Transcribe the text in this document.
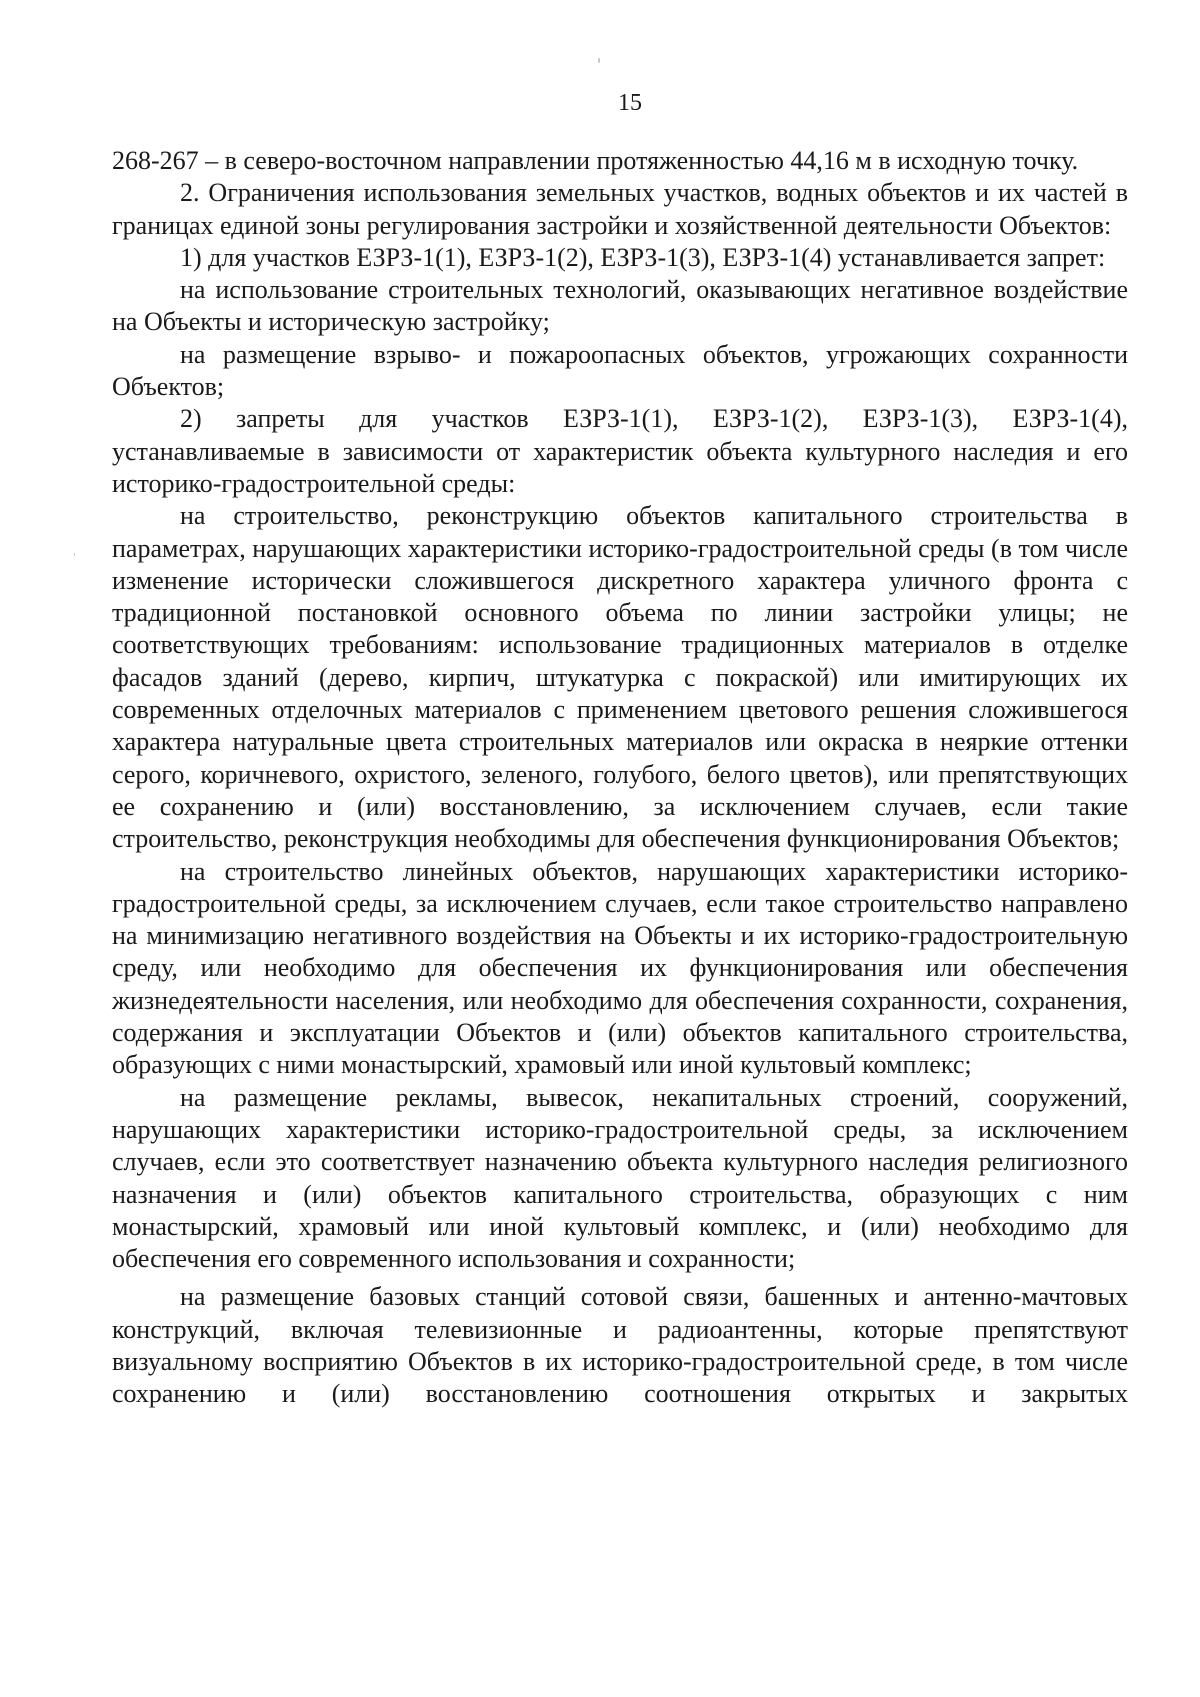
15

268-267 – в северо-восточном направлении протяженностью 44,16 м в исходную точку.

2. Ограничения использования земельных участков, водных объектов и их частей в границах единой зоны регулирования застройки и хозяйственной деятельности Объектов:

1) для участков ЕЗРЗ-1(1), ЕЗРЗ-1(2), ЕЗРЗ-1(3), ЕЗРЗ-1(4) устанавливается запрет:

на использование строительных технологий, оказывающих негативное воздействие на Объекты и историческую застройку;

на размещение взрыво- и пожароопасных объектов, угрожающих сохранности Объектов;

2) запреты для участков ЕЗРЗ-1(1), ЕЗРЗ-1(2), ЕЗРЗ-1(3), ЕЗРЗ-1(4), устанавливаемые в зависимости от характеристик объекта культурного наследия и его историко-градостроительной среды:

на строительство, реконструкцию объектов капитального строительства в параметрах, нарушающих характеристики историко-градостроительной среды (в том числе изменение исторически сложившегося дискретного характера уличного фронта с традиционной постановкой основного объема по линии застройки улицы; не соответствующих требованиям: использование традиционных материалов в отделке фасадов зданий (дерево, кирпич, штукатурка с покраской) или имитирующих их современных отделочных материалов с применением цветового решения сложившегося характера натуральные цвета строительных материалов или окраска в неяркие оттенки серого, коричневого, охристого, зеленого, голубого, белого цветов), или препятствующих ее сохранению и (или) восстановлению, за исключением случаев, если такие строительство, реконструкция необходимы для обеспечения функционирования Объектов;

на строительство линейных объектов, нарушающих характеристики историко-градостроительной среды, за исключением случаев, если такое строительство направлено на минимизацию негативного воздействия на Объекты и их историко-градостроительную среду, или необходимо для обеспечения их функционирования или обеспечения жизнедеятельности населения, или необходимо для обеспечения сохранности, сохранения, содержания и эксплуатации Объектов и (или) объектов капитального строительства, образующих с ними монастырский, храмовый или иной культовый комплекс;

на размещение рекламы, вывесок, некапитальных строений, сооружений, нарушающих характеристики историко-градостроительной среды, за исключением случаев, если это соответствует назначению объекта культурного наследия религиозного назначения и (или) объектов капитального строительства, образующих с ним монастырский, храмовый или иной культовый комплекс, и (или) необходимо для обеспечения его современного использования и сохранности;

на размещение базовых станций сотовой связи, башенных и антенно-мачтовых конструкций, включая телевизионные и радиоантенны, которые препятствуют визуальному восприятию Объектов в их историко-градостроительной среде, в том числе сохранению и (или) восстановлению соотношения открытых и закрытых
